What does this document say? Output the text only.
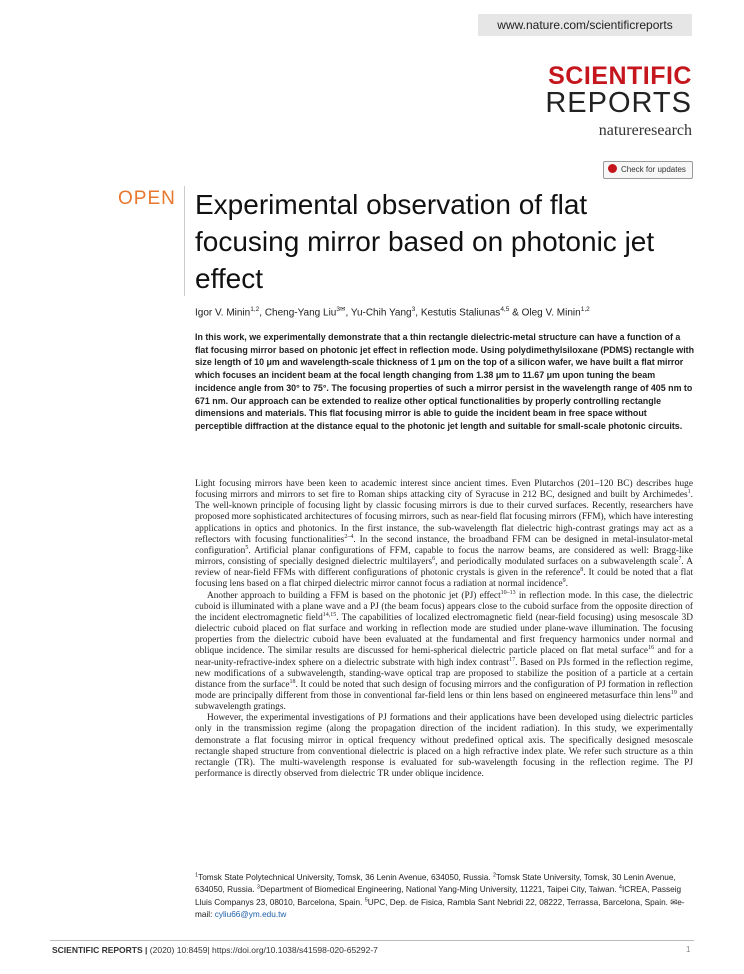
www.nature.com/scientificreports
SCIENTIFIC
REPORTS
natureresearch
Check for updates
OPEN Experimental observation of flat focusing mirror based on photonic jet effect
Igor V. Minin$^{1,2}$, Cheng-Yang Liu$^{3✉}$, Yu-Chih Yang$^3$, Kestutis Staliunas$^{4,5}$ & Oleg V. Minin$^{1,2}$

In this work, we experimentally demonstrate that a thin rectangle dielectric-metal structure can have a function of a flat focusing mirror based on photonic jet effect in reflection mode. Using polydimethylsiloxane (PDMS) rectangle with size length of 10 μm and wavelength-scale thickness of 1 μm on the top of a silicon wafer, we have built a flat mirror which focuses an incident beam at the focal length changing from 1.38 μm to 11.67 μm upon tuning the beam incidence angle from 30° to 75°. The focusing properties of such a mirror persist in the wavelength range of 405 nm to 671 nm. Our approach can be extended to realize other optical functionalities by properly controlling rectangle dimensions and materials. This flat focusing mirror is able to guide the incident beam in free space without perceptible diffraction at the distance equal to the photonic jet length and suitable for small-scale photonic circuits.

Light focusing mirrors have been keen to academic interest since ancient times. Even Plutarchos (201–120 BC) describes huge focusing mirrors and mirrors to set fire to Roman ships attacking city of Syracuse in 212 BC, designed and built by Archimedes$^1$. The well-known principle of focusing light by classic focusing mirrors is due to their curved surfaces. Recently, researchers have proposed more sophisticated architectures of focusing mirrors, such as near-field flat focusing mirrors (FFM), which have interesting applications in optics and photonics. In the first instance, the sub-wavelength flat dielectric high-contrast gratings may act as a reflectors with focusing functionalities$^{2-4}$. In the second instance, the broadband FFM can be designed in metal-insulator-metal configuration$^5$. Artificial planar configurations of FFM, capable to focus the narrow beams, are considered as well: Bragg-like mirrors, consisting of specially designed dielectric multilayers$^6$, and periodically modulated surfaces on a subwavelength scale$^7$. A review of near-field FFMs with different configurations of photonic crystals is given in the reference$^8$. It could be noted that a flat focusing lens based on a flat chirped dielectric mirror cannot focus a radiation at normal incidence$^9$.

Another approach to building a FFM is based on the photonic jet (PJ) effect$^{10-13}$ in reflection mode. In this case, the dielectric cuboid is illuminated with a plane wave and a PJ (the beam focus) appears close to the cuboid surface from the opposite direction of the incident electromagnetic field$^{14,15}$. The capabilities of localized electromagnetic field (near-field focusing) using mesoscale 3D dielectric cuboid placed on flat surface and working in reflection mode are studied under plane-wave illumination. The focusing properties from the dielectric cuboid have been evaluated at the fundamental and first frequency harmonics under normal and oblique incidence. The similar results are discussed for hemi-spherical dielectric particle placed on flat metal surface$^{16}$ and for a near-unity-refractive-index sphere on a dielectric substrate with high index contrast$^{17}$. Based on PJs formed in the reflection regime, new modifications of a subwavelength, standing-wave optical trap are proposed to stabilize the position of a particle at a certain distance from the surface$^{18}$. It could be noted that such design of focusing mirrors and the configuration of PJ formation in reflection mode are principally different from those in conventional far-field lens or thin lens based on engineered metasurface thin lens$^{19}$ and subwavelength gratings.

However, the experimental investigations of PJ formations and their applications have been developed using dielectric particles only in the transmission regime (along the propagation direction of the incident radiation). In this study, we experimentally demonstrate a flat focusing mirror in optical frequency without predefined optical axis. The specifically designed mesoscale rectangle shaped structure from conventional dielectric is placed on a high refractive index plate. We refer such structure as a thin rectangle (TR). The multi-wavelength response is evaluated for sub-wavelength focusing in the reflection regime. The PJ performance is directly observed from dielectric TR under oblique incidence.

$^1$Tomsk State Polytechnical University, Tomsk, 36 Lenin Avenue, 634050, Russia. $^2$Tomsk State University, Tomsk, 30 Lenin Avenue, 634050, Russia. $^3$Department of Biomedical Engineering, National Yang-Ming University, 11221, Taipei City, Taiwan. $^4$ICREA, Passeig Lluis Companys 23, 08010, Barcelona, Spain. $^5$UPC, Dep. de Fisica, Rambla Sant Nebridi 22, 08222, Terrassa, Barcelona, Spain. ✉e-mail: cyliu66@ym.edu.tw

SCIENTIFIC REPORTS | (2020) 10:8459| https://doi.org/10.1038/s41598-020-65292-7	1
